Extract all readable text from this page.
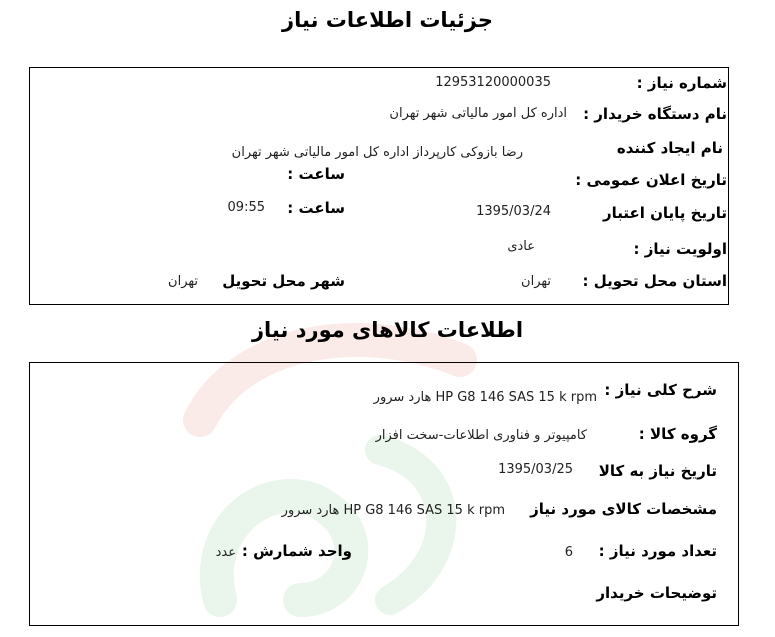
جزئیات اطلاعات نیاز
شماره نیاز :
12953120000035
نام دستگاه خریدار :
اداره کل امور مالیاتی شهر تهران
نام ایجاد کننده
رضا بازوکی کارپرداز اداره کل امور مالیاتی شهر تهران
تاریخ اعلان عمومی :
ساعت :
تاریخ پایان اعتبار
1395/03/24
ساعت :
09:55
اولویت نیاز :
عادی
استان محل تحویل :
تهران
شهر محل تحویل
تهران
اطلاعات کالاهای مورد نیاز
شرح کلی نیاز :
HP G8 146 SAS 15 k rpm هارد سرور
گروه کالا :
کامپیوتر و فناوری اطلاعات-سخت افزار
تاریخ نیاز به کالا
1395/03/25
مشخصات کالای مورد نیاز
HP G8 146 SAS 15 k rpm هارد سرور
تعداد مورد نیاز :
6
واحد شمارش :
عدد
توضیحات خریدار
